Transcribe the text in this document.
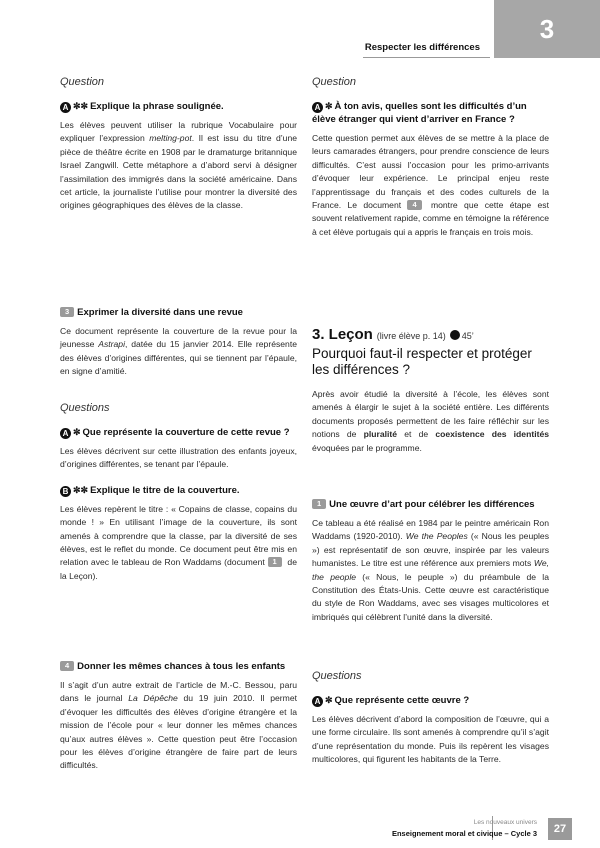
Respecter les différences
3

Question

A ✼✼ Explique la phrase soulignée.

Les élèves peuvent utiliser la rubrique Vocabulaire pour expliquer l’expression melting-pot. Il est issu du titre d’une pièce de théâtre écrite en 1908 par le dramaturge britannique Israel Zangwill. Cette métaphore a d’abord servi à désigner l’assimilation des immigrés dans la société américaine. Dans cet article, la journaliste l’utilise pour montrer la diversité des origines géographiques des élèves de la classe.

3 Exprimer la diversité dans une revue

Ce document représente la couverture de la revue pour la jeunesse Astrapi, datée du 15 janvier 2014. Elle représente des élèves d’origines différentes, qui se tiennent par l’épaule, en signe d’amitié.

Questions

A ✼ Que représente la couverture de cette revue ?

Les élèves décrivent sur cette illustration des enfants joyeux, d’origines différentes, se tenant par l’épaule.

B ✼✼ Explique le titre de la couverture.

Les élèves repèrent le titre : « Copains de classe, copains du monde ! » En utilisant l’image de la couverture, ils sont amenés à comprendre que la classe, par la diversité de ses élèves, est le reflet du monde. Ce document peut être mis en relation avec le tableau de Ron Waddams (document 1 de la Leçon).

4 Donner les mêmes chances à tous les enfants

Il s’agit d’un autre extrait de l’article de M.-C. Bessou, paru dans le journal La Dépêche du 19 juin 2010. Il permet d’évoquer les difficultés des élèves d’origine étrangère et la mission de l’école pour « leur donner les mêmes chances qu’aux autres élèves ». Cette question peut être l’occasion pour les élèves d’origine étrangère de faire part de leurs difficultés.

Question

A ✼ À ton avis, quelles sont les difficultés d’un élève étranger qui vient d’arriver en France ?

Cette question permet aux élèves de se mettre à la place de leurs camarades étrangers, pour prendre conscience de leurs difficultés. C’est aussi l’occasion pour les primo-arrivants d’évoquer leur expérience. Le principal enjeu reste l’apprentissage du français et des codes culturels de la France. Le document 4 montre que cette étape est souvent relativement rapide, comme en témoigne la référence à cet élève portugais qui a appris le français en trois mois.

3. Leçon (livre élève p. 14) 45’

Pourquoi faut-il respecter et protéger les différences ?

Après avoir étudié la diversité à l’école, les élèves sont amenés à élargir le sujet à la société entière. Les différents documents proposés permettent de les faire réfléchir sur les notions de pluralité et de coexistence des identités évoquées par le programme.

1 Une œuvre d’art pour célébrer les différences

Ce tableau a été réalisé en 1984 par le peintre américain Ron Waddams (1920-2010). We the Peoples (« Nous les peuples ») est représentatif de son œuvre, inspirée par les valeurs humanistes. Le titre est une référence aux premiers mots We, the people (« Nous, le peuple ») du préambule de la Constitution des États-Unis. Cette œuvre est caractéristique du style de Ron Waddams, avec ses visages multicolores et imbriqués qui célèbrent l’unité dans la diversité.

Questions

A ✼ Que représente cette œuvre ?

Les élèves décrivent d’abord la composition de l’œuvre, qui a une forme circulaire. Ils sont amenés à comprendre qu’il s’agit d’une représentation du monde. Puis ils repèrent les visages multicolores, qui figurent les habitants de la Terre.

Les nouveaux univers
Enseignement moral et civique – Cycle 3	27
